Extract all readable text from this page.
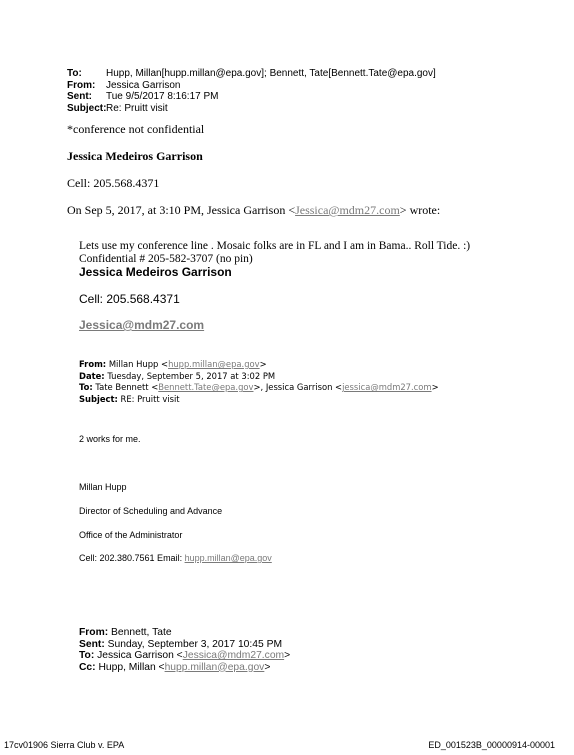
To: Hupp, Millan[hupp.millan@epa.gov]; Bennett, Tate[Bennett.Tate@epa.gov]
From: Jessica Garrison
Sent: Tue 9/5/2017 8:16:17 PM
Subject:Re: Pruitt visit
*conference not confidential
Jessica Medeiros Garrison
Cell: 205.568.4371
On Sep 5, 2017, at 3:10 PM, Jessica Garrison <Jessica@mdm27.com> wrote:
Lets use my conference line . Mosaic folks are in FL and I am in Bama.. Roll Tide. :)
Confidential # 205-582-3707 (no pin)
Jessica Medeiros Garrison
Cell: 205.568.4371
Jessica@mdm27.com
From: Millan Hupp <hupp.millan@epa.gov>
Date: Tuesday, September 5, 2017 at 3:02 PM
To: Tate Bennett <Bennett.Tate@epa.gov>, Jessica Garrison <jessica@mdm27.com>
Subject: RE: Pruitt visit
2 works for me.
Millan Hupp
Director of Scheduling and Advance
Office of the Administrator
Cell: 202.380.7561 Email: hupp.millan@epa.gov
From: Bennett, Tate
Sent: Sunday, September 3, 2017 10:45 PM
To: Jessica Garrison <Jessica@mdm27.com>
Cc: Hupp, Millan <hupp.millan@epa.gov>
17cv01906 Sierra Club v. EPA	ED_001523B_00000914-00001
